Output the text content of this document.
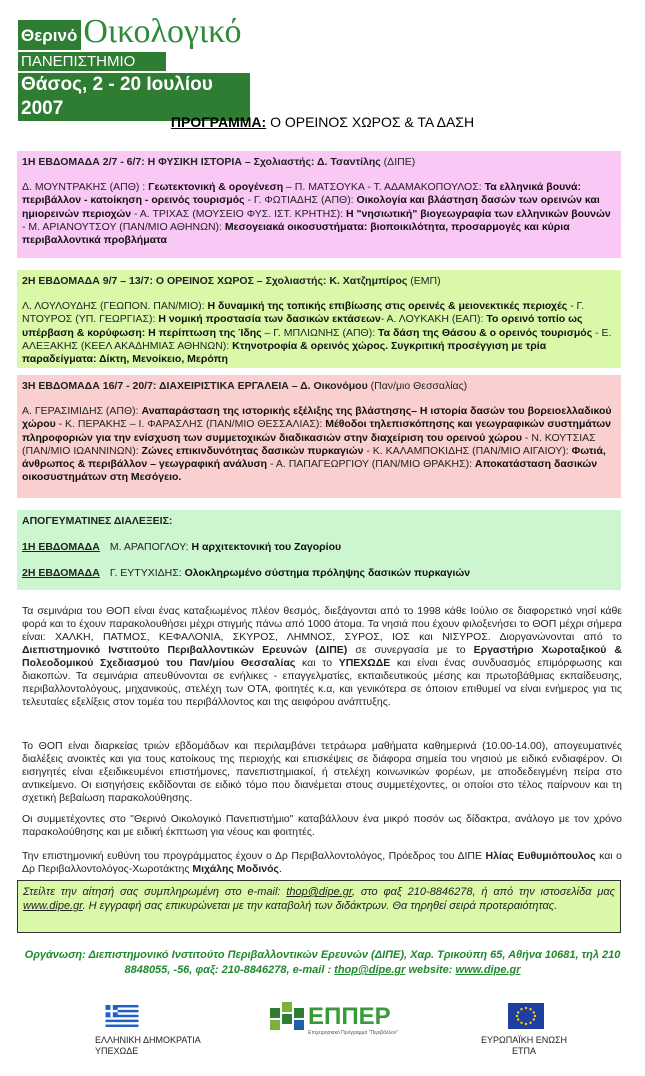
Θερινό Οικολογικό
ΠΑΝΕΠΙΣΤΗΜΙΟ
Θάσος, 2 - 20 Ιουλίου 2007
ΠΡΟΓΡΑΜΜΑ: Ο ΟΡΕΙΝΟΣ ΧΩΡΟΣ & ΤΑ ΔΑΣΗ

1Η ΕΒΔΟΜΑΔΑ 2/7 - 6/7: Η ΦΥΣΙΚΗ ΙΣΤΟΡΙΑ – Σχολιαστής: Δ. Τσαντίλης (ΔΙΠΕ)

Δ. ΜΟΥΝΤΡΑΚΗΣ (ΑΠΘ) : Γεωτεκτονική & ορογένεση – Π. ΜΑΤΣΟΥΚΑ - Τ. ΑΔΑΜΑΚΟΠΟΥΛΟΣ: Τα ελληνικά βουνά: περιβάλλον - κατοίκηση - ορεινός τουρισμός - Γ. ΦΩΤΙΑΔΗΣ (ΑΠΘ): Οικολογία και βλάστηση δασών των ορεινών και ημιορεινών περιοχών - Α. ΤΡΙΧΑΣ (ΜΟΥΣΕΙΟ ΦΥΣ. ΙΣΤ. ΚΡΗΤΗΣ): Η "νησιωτική" βιογεωγραφία των ελληνικών βουνών - Μ. ΑΡΙΑΝΟΥΤΣΟΥ (ΠΑΝ/ΜΙΟ ΑΘΗΝΩΝ): Μεσογειακά οικοσυστήματα: βιοποικιλότητα, προσαρμογές και κύρια περιβαλλοντικά προβλήματα

2Η ΕΒΔΟΜΑΔΑ 9/7 – 13/7: Ο ΟΡΕΙΝΟΣ ΧΩΡΟΣ – Σχολιαστής: Κ. Χατζημπίρος (ΕΜΠ)

Λ. ΛΟΥΛΟΥΔΗΣ (ΓΕΩΠΟΝ. ΠΑΝ/ΜΙΟ): Η δυναμική της τοπικής επιβίωσης στις ορεινές & μειονεκτικές περιοχές - Γ. ΝΤΟΥΡΟΣ (ΥΠ. ΓΕΩΡΓΙΑΣ): Η νομική προστασία των δασικών εκτάσεων- Α. ΛΟΥΚΑΚΗ (ΕΑΠ): Το ορεινό τοπίο ως υπέρβαση & κορύφωση: Η περίπτωση της Ίδης – Γ. ΜΠΛΙΩΝΗΣ (ΑΠΘ): Τα δάση της Θάσου & ο ορεινός τουρισμός - Ε. ΑΛΕΞΑΚΗΣ (ΚΕΕΛ ΑΚΑΔΗΜΙΑΣ ΑΘΗΝΩΝ): Κτηνοτροφία & ορεινός χώρος. Συγκριτική προσέγγιση με τρία παραδείγματα: Δίκτη, Μενοίκειο, Μερόπη

3Η ΕΒΔΟΜΑΔΑ 16/7 - 20/7: ΔΙΑΧΕΙΡΙΣΤΙΚΑ ΕΡΓΑΛΕΙΑ – Δ. Οικονόμου (Παν/μιο Θεσσαλίας)

Α. ΓΕΡΑΣΙΜΙΔΗΣ (ΑΠΘ): Αναπαράσταση της ιστορικής εξέλιξης της βλάστησης– Η ιστορία δασών του βορειοελλαδικού χώρου - Κ. ΠΕΡΑΚΗΣ – Ι. ΦΑΡΑΣΛΗΣ (ΠΑΝ/ΜΙΟ ΘΕΣΣΑΛΙΑΣ): Μέθοδοι τηλεπισκόπησης και γεωγραφικών συστημάτων πληροφοριών για την ενίσχυση των συμμετοχικών διαδικασιών στην διαχείριση του ορεινού χώρου - Ν. ΚΟΥΤΣΙΑΣ (ΠΑΝ/ΜΙΟ ΙΩΑΝΝΙΝΩΝ): Ζώνες επικινδυνότητας δασικών πυρκαγιών - Κ. ΚΑΛΑΜΠΟΚΙΔΗΣ (ΠΑΝ/ΜΙΟ ΑΙΓΑΙΟΥ): Φωτιά, άνθρωπος & περιβάλλον – γεωγραφική ανάλυση - Α. ΠΑΠΑΓΕΩΡΓΙΟΥ (ΠΑΝ/ΜΙΟ ΘΡΑΚΗΣ): Αποκατάσταση δασικών οικοσυστημάτων στη Μεσόγειο.

ΑΠΟΓΕΥΜΑΤΙΝΕΣ ΔΙΑΛΕΞΕΙΣ:

1Η ΕΒΔΟΜΑΔΑ Μ. ΑΡΑΠΟΓΛΟΥ: Η αρχιτεκτονική του Ζαγορίου

2Η ΕΒΔΟΜΑΔΑ Γ. ΕΥΤΥΧΙΔΗΣ: Ολοκληρωμένο σύστημα πρόληψης δασικών πυρκαγιών

Τα σεμινάρια του ΘΟΠ είναι ένας καταξιωμένος πλέον θεσμός, διεξάγονται από το 1998 κάθε Ιούλιο σε διαφορετικό νησί κάθε φορά και το έχουν παρακολουθήσει μέχρι στιγμής πάνω από 1000 άτομα. Τα νησιά που έχουν φιλοξενήσει το ΘΟΠ μέχρι σήμερα είναι: ΧΑΛΚΗ, ΠΑΤΜΟΣ, ΚΕΦΑΛΟΝΙΑ, ΣΚΥΡΟΣ, ΛΗΜΝΟΣ, ΣΥΡΟΣ, ΙΟΣ και ΝΙΣΥΡΟΣ. Διοργανώνονται από το Διεπιστημονικό Ινστιτούτο Περιβαλλοντικών Ερευνών (ΔΙΠΕ) σε συνεργασία με το Εργαστήριο Χωροταξικού & Πολεοδομικού Σχεδιασμού του Παν/μίου Θεσσαλίας και το ΥΠΕΧΩΔΕ και είναι ένας συνδυασμός επιμόρφωσης και διακοπών. Τα σεμινάρια απευθύνονται σε ενήλικες - επαγγελματίες, εκπαιδευτικούς μέσης και πρωτοβάθμιας εκπαίδευσης, περιβαλλοντολόγους, μηχανικούς, στελέχη των ΟΤΑ, φοιτητές κ.α, και γενικότερα σε όποιον επιθυμεί να είναι ενήμερος για τις τελευταίες εξελίξεις στον τομέα του περιβάλλοντος και της αειφόρου ανάπτυξης.
Το ΘΟΠ είναι διαρκείας τριών εβδομάδων και περιλαμβάνει τετράωρα μαθήματα καθημερινά (10.00-14.00), απογευματινές διαλέξεις ανοικτές και για τους κατοίκους της περιοχής και επισκέψεις σε διάφορα σημεία του νησιού με ειδικό ενδιαφέρον. Οι εισηγητές είναι εξειδικευμένοι επιστήμονες, πανεπιστημιακοί, ή στελέχη κοινωνικών φορέων, με αποδεδειγμένη πείρα στο αντικείμενο. Οι εισηγήσεις εκδίδονται σε ειδικό τόμο που διανέμεται στους συμμετέχοντες, οι οποίοι στο τέλος παίρνουν και τη σχετική βεβαίωση παρακολούθησης.
Οι συμμετέχοντες στο "Θερινό Οικολογικό Πανεπιστήμιο" καταβάλλουν ένα μικρό ποσόν ως δίδακτρα, ανάλογο με τον χρόνο παρακολούθησης και με ειδική έκπτωση για νέους και φοιτητές.
Την επιστημονική ευθύνη του προγράμματος έχουν ο Δρ Περιβαλλοντολόγος, Πρόεδρος του ΔΙΠΕ Ηλίας Ευθυμιόπουλος και ο Δρ Περιβαλλοντολόγος-Χωροτάκτης Μιχάλης Μοδινός.
Στείλτε την αίτησή σας συμπληρωμένη στο e-mail: thop@dipe.gr, στο φαξ 210-8846278, ή από την ιστοσελίδα μας www.dipe.gr. Η εγγραφή σας επικυρώνεται με την καταβολή των διδάκτρων. Θα τηρηθεί σειρά προτεραιότητας.
Οργάνωση: Διεπιστημονικό Ινστιτούτο Περιβαλλοντικών Ερευνών (ΔΙΠΕ), Χαρ. Τρικούπη 65, Αθήνα 10681, τηλ 210 8848055, -56, φαξ: 210-8846278, e-mail : thop@dipe.gr website: www.dipe.gr
ΕΛΛΗΝΙΚΗ ΔΗΜΟΚΡΑΤΙΑ
ΥΠΕΧΩΔΕ
ΕΠΠΕΡ
Επιχειρησιακό Πρόγραμμα "Περιβάλλον"
ΕΥΡΩΠΑΪΚΗ ΕΝΩΣΗ
ΕΤΠΑ
